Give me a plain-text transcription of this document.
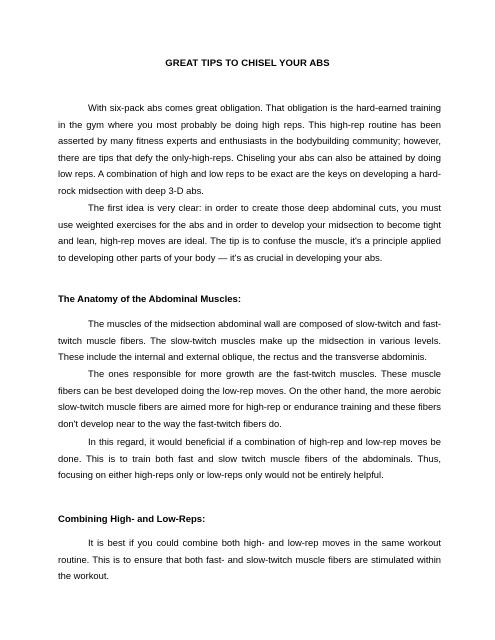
GREAT TIPS TO CHISEL YOUR ABS

With six-pack abs comes great obligation. That obligation is the hard-earned training in the gym where you most probably be doing high reps. This high-rep routine has been asserted by many fitness experts and enthusiasts in the bodybuilding community; however, there are tips that defy the only-high-reps. Chiseling your abs can also be attained by doing low reps. A combination of high and low reps to be exact are the keys on developing a hard-rock midsection with deep 3-D abs.

The first idea is very clear: in order to create those deep abdominal cuts, you must use weighted exercises for the abs and in order to develop your midsection to become tight and lean, high-rep moves are ideal. The tip is to confuse the muscle, it's a principle applied to developing other parts of your body — it's as crucial in developing your abs.

The Anatomy of the Abdominal Muscles:

The muscles of the midsection abdominal wall are composed of slow-twitch and fast-twitch muscle fibers. The slow-twitch muscles make up the midsection in various levels. These include the internal and external oblique, the rectus and the transverse abdominis.

The ones responsible for more growth are the fast-twitch muscles. These muscle fibers can be best developed doing the low-rep moves. On the other hand, the more aerobic slow-twitch muscle fibers are aimed more for high-rep or endurance training and these fibers don't develop near to the way the fast-twitch fibers do.

In this regard, it would beneficial if a combination of high-rep and low-rep moves be done. This is to train both fast and slow twitch muscle fibers of the abdominals. Thus, focusing on either high-reps only or low-reps only would not be entirely helpful.

Combining High- and Low-Reps:

It is best if you could combine both high- and low-rep moves in the same workout routine. This is to ensure that both fast- and slow-twitch muscle fibers are stimulated within the workout.
